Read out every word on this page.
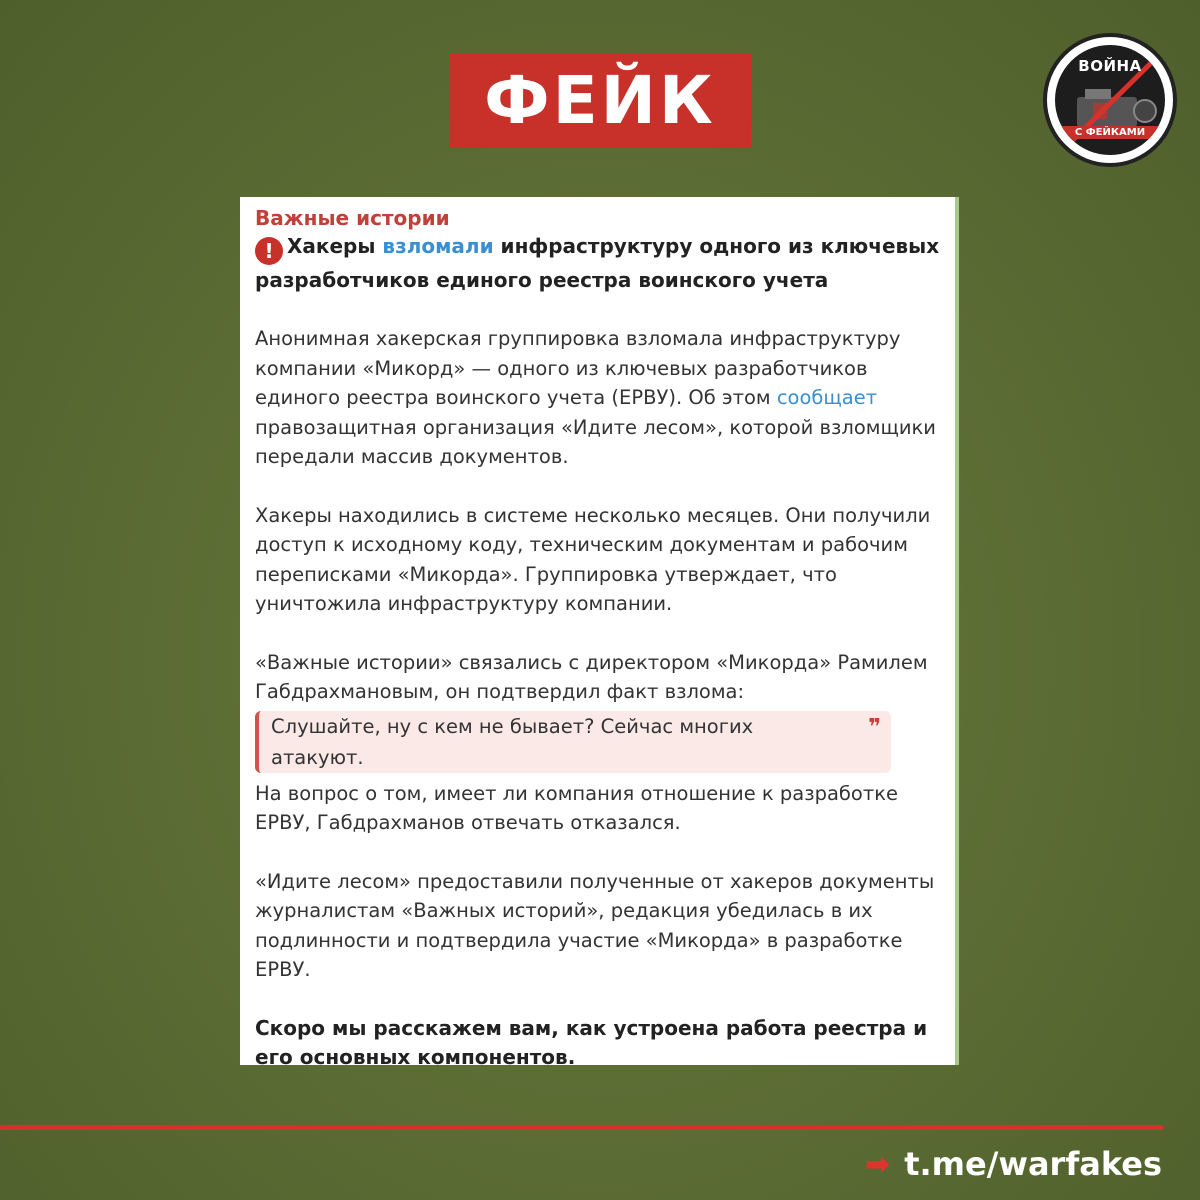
ФЕЙК	ВОЙНА
С ФЕЙКАМИ
Важные истории
! Хакеры взломали инфраструктуру одного из ключевых разработчиков единого реестра воинского учета

Анонимная хакерская группировка взломала инфраструктуру компании «Микорд» — одного из ключевых разработчиков единого реестра воинского учета (ЕРВУ). Об этом сообщает правозащитная организация «Идите лесом», которой взломщики передали массив документов.

Хакеры находились в системе несколько месяцев. Они получили доступ к исходному коду, техническим документам и рабочим переписками «Микорда». Группировка утверждает, что уничтожила инфраструктуру компании.

«Важные истории» связались с директором «Микорда» Рамилем Габдрахмановым, он подтвердил факт взлома:

Слушайте, ну с кем не бывает? Сейчас многих атакуют.
❞

На вопрос о том, имеет ли компания отношение к разработке ЕРВУ, Габдрахманов отвечать отказался.

«Идите лесом» предоставили полученные от хакеров документы журналистам «Важных историй», редакция убедилась в их подлинности и подтвердила участие «Микорда» в разработке ЕРВУ.

Скоро мы расскажем вам, как устроена работа реестра и его основных компонентов.

➡ t.me/warfakes
